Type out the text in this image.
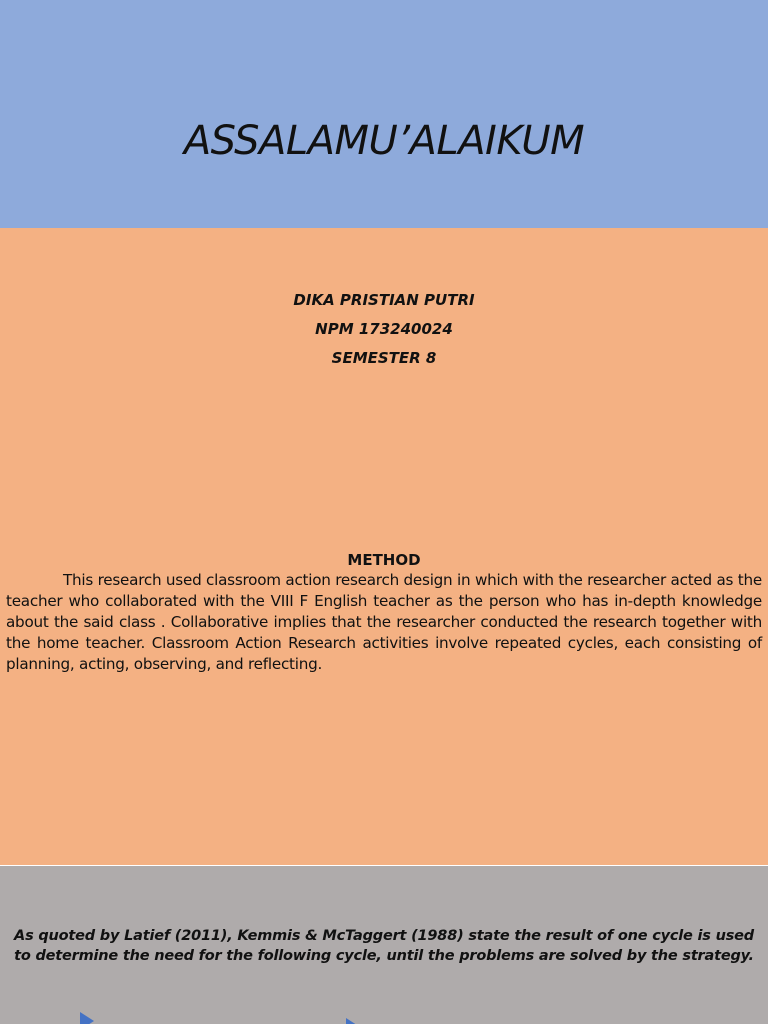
ASSALAMU’ALAIKUM
DIKA PRISTIAN PUTRI
NPM 173240024
SEMESTER 8
METHOD

This research used classroom action research design in which with the researcher acted as the teacher who collaborated with the VIII F English teacher as the person who has in-depth knowledge about the said class . Collaborative implies that the researcher conducted the research together with the home teacher. Classroom Action Research activities involve repeated cycles, each consisting of planning, acting, observing, and reflecting.

As quoted by Latief (2011), Kemmis & McTaggert (1988) state the result of one cycle is used to determine the need for the following cycle, until the problems are solved by the strategy.
